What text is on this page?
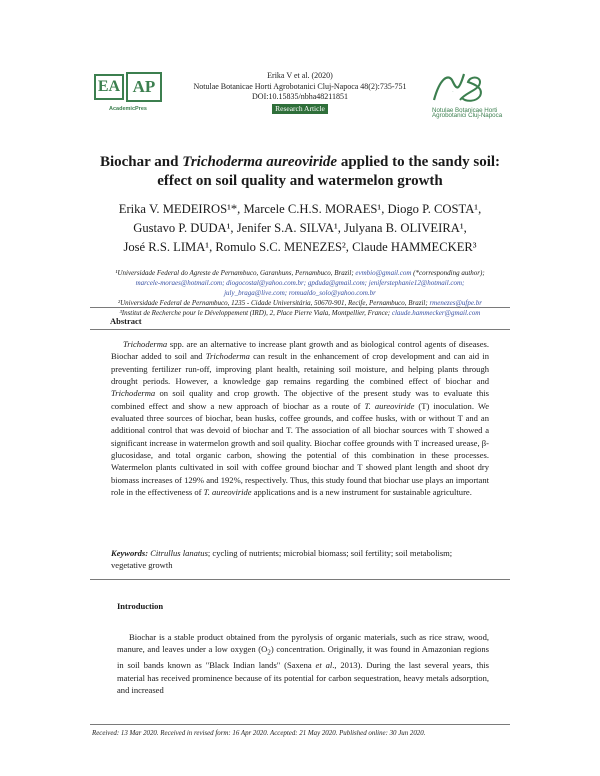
EA AP
AcademicPres
Erika V et al. (2020)
Notulae Botanicae Horti Agrobotanici Cluj-Napoca 48(2):735-751
DOI:10.15835/nbha48211851
Research Article
NB
Notulae Botanicae Horti
Agrobotanici Cluj-Napoca
Biochar and Trichoderma aureoviride applied to the sandy soil:
effect on soil quality and watermelon growth
Erika V. MEDEIROS¹*, Marcele C.H.S. MORAES¹, Diogo P. COSTA¹,
Gustavo P. DUDA¹, Jenifer S.A. SILVA¹, Julyana B. OLIVEIRA¹,
José R.S. LIMA¹, Romulo S.C. MENEZES², Claude HAMMECKER³
¹Universidade Federal do Agreste de Pernambuco, Garanhuns, Pernambuco, Brazil; evmbio@gmail.com (*corresponding author);
marcele-moraes@hotmail.com; diogocostal@yahoo.com.br; gpduda@gmail.com; jeniferstephanie12@hotmail.com;
july_braga@live.com; romualdo_solo@yahoo.com.br
²Universidade Federal de Pernambuco, 1235 - Cidade Universitária, 50670-901, Recife, Pernambuco, Brazil; rmenezes@ufpe.br
³Institut de Recherche pour le Développement (IRD), 2, Place Pierre Viala, Montpellier, France; claude.hammecker@gmail.com
Abstract
Trichoderma spp. are an alternative to increase plant growth and as biological control agents of diseases. Biochar added to soil and Trichoderma can result in the enhancement of crop development and can aid in preventing fertilizer run-off, improving plant health, retaining soil moisture, and helping plants through drought periods. However, a knowledge gap remains regarding the combined effect of biochar and Trichoderma on soil quality and crop growth. The objective of the present study was to evaluate this combined effect and show a new approach of biochar as a route of T. aureoviride (T) inoculation. We evaluated three sources of biochar, bean husks, coffee grounds, and coffee husks, with or without T and an additional control that was devoid of biochar and T. The association of all biochar sources with T showed a significant increase in watermelon growth and soil quality. Biochar coffee grounds with T increased urease, β-glucosidase, and total organic carbon, showing the potential of this combination in these processes. Watermelon plants cultivated in soil with coffee ground biochar and T showed plant length and shoot dry biomass increases of 129% and 192%, respectively. Thus, this study found that biochar use plays an important role in the effectiveness of T. aureoviride applications and is a new instrument for sustainable agriculture.
Keywords: Citrullus lanatus; cycling of nutrients; microbial biomass; soil fertility; soil metabolism; vegetative growth
Introduction
Biochar is a stable product obtained from the pyrolysis of organic materials, such as rice straw, wood, manure, and leaves under a low oxygen $(O_2)$ concentration. Originally, it was found in Amazonian regions in soil bands known as "Black Indian lands" (Saxena et al., 2013). During the last several years, this material has received prominence because of its potential for carbon sequestration, heavy metals adsorption, and increased
Received: 13 Mar 2020. Received in revised form: 16 Apr 2020. Accepted: 21 May 2020. Published online: 30 Jun 2020.
